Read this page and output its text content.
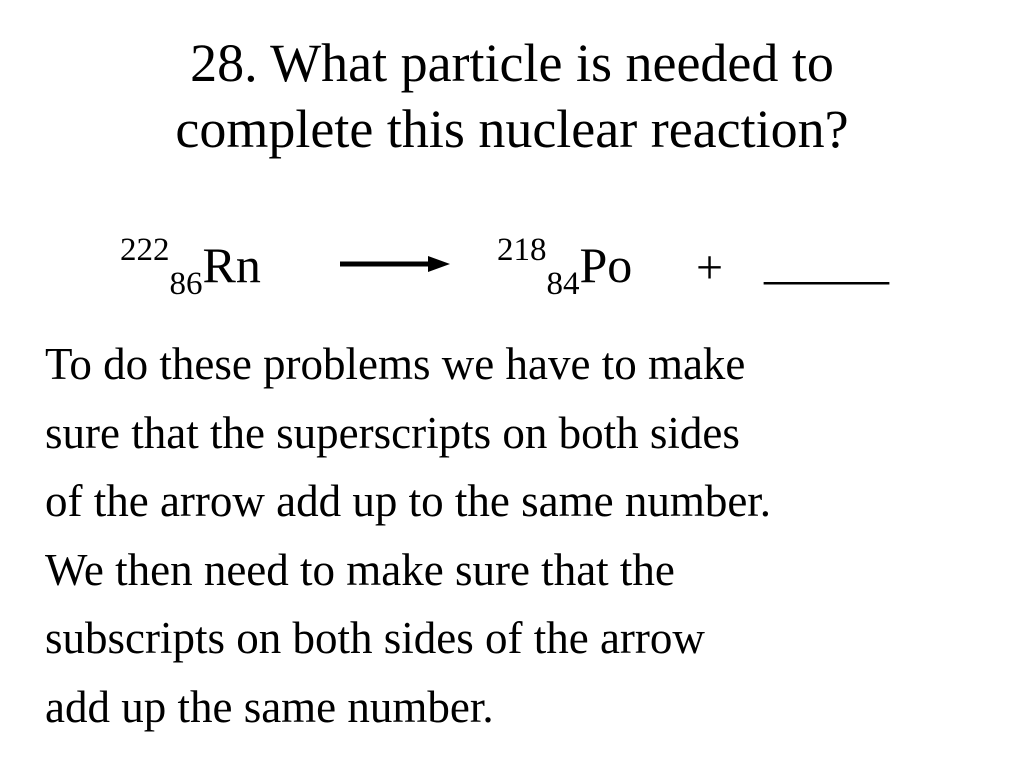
28. What particle is needed to
complete this nuclear reaction?
$^{222}_{86}$Rn → $^{218}_{84}$Po + _____
To do these problems we have to make
sure that the superscripts on both sides
of the arrow add up to the same number.
We then need to make sure that the
subscripts on both sides of the arrow
add up the same number.
